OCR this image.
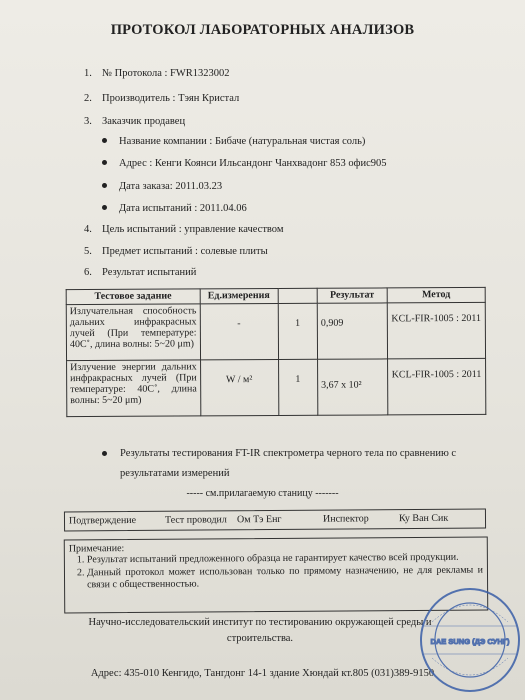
ПРОТОКОЛ ЛАБОРАТОРНЫХ АНАЛИЗОВ
1. № Протокола : FWR1323002
2. Производитель : Тэян Кристал
3. Заказчик продавец
Название компании : Бибаче (натуральная чистая соль)
Адрес : Кенги Коянси Ильсандонг Чанхвадонг 853 офис905
Дата заказа: 2011.03.23
Дата испытаний : 2011.04.06
4. Цель испытаний : управление качеством
5. Предмет испытаний : солевые плиты
6. Результат испытаний
Тестовое задание	Ед.измерения		Результат	Метод
Излучательная способность дальних инфракрасных лучей (При температуре: 40С˚, длина волны: 5~20 μm)	-	1	0,909	KCL-FIR-1005 : 2011
Излучение энергии дальних инфракрасных лучей (При температуре: 40С˚, длина волны: 5~20 μm)	W / м²	1	3,67 x 10²	KCL-FIR-1005 : 2011
Результаты тестирования FT-IR спектрометра черного тела по сравнению с результатами измерений
----- см.прилагаемую станицу -------
Подтверждение	Тест проводил Ом Тэ Енг	Инспектор	Ку Ван Сик
Примечание:
1. Результат испытаний предложенного образца не гарантирует качество всей продукции.
2. Данный протокол может использован только по прямому назначению, не для рекламы и связи с общественностью.
Научно-исследовательский институт по тестированию окружающей среды и строительства.
Адрес: 435-010 Кенгидо, Тангдонг 14-1 здание Хюндай кт.805 (031)389-9150
DAE SUNG (ДЭ СУНГ)
